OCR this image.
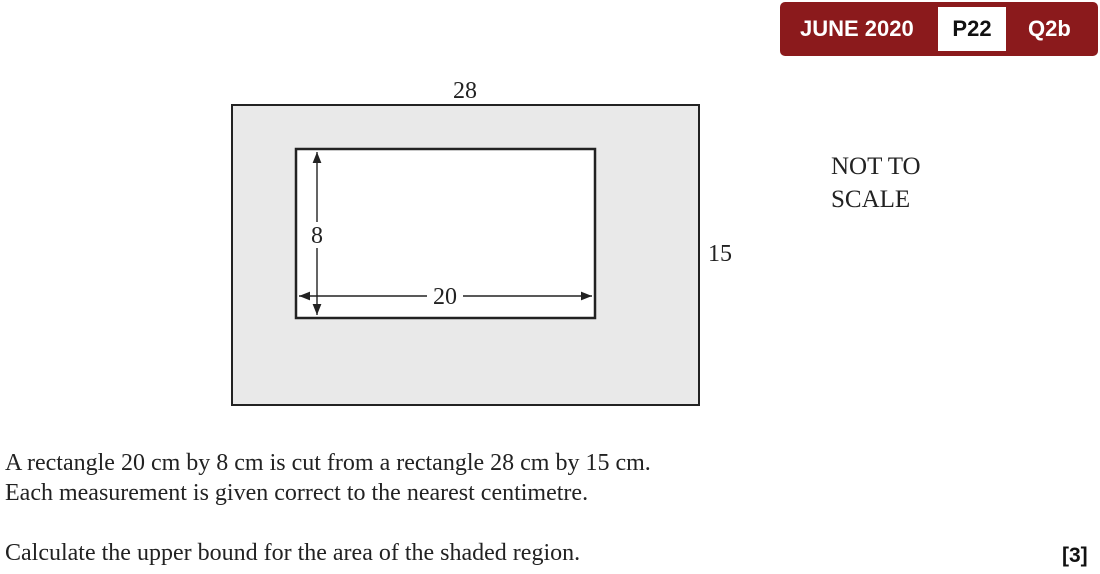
JUNE 2020	P22	Q2b
28
15
20
8
NOT TO
SCALE
A rectangle 20 cm by 8 cm is cut from a rectangle 28 cm by 15 cm.
Each measurement is given correct to the nearest centimetre.
Calculate the upper bound for the area of the shaded region.	[3]
